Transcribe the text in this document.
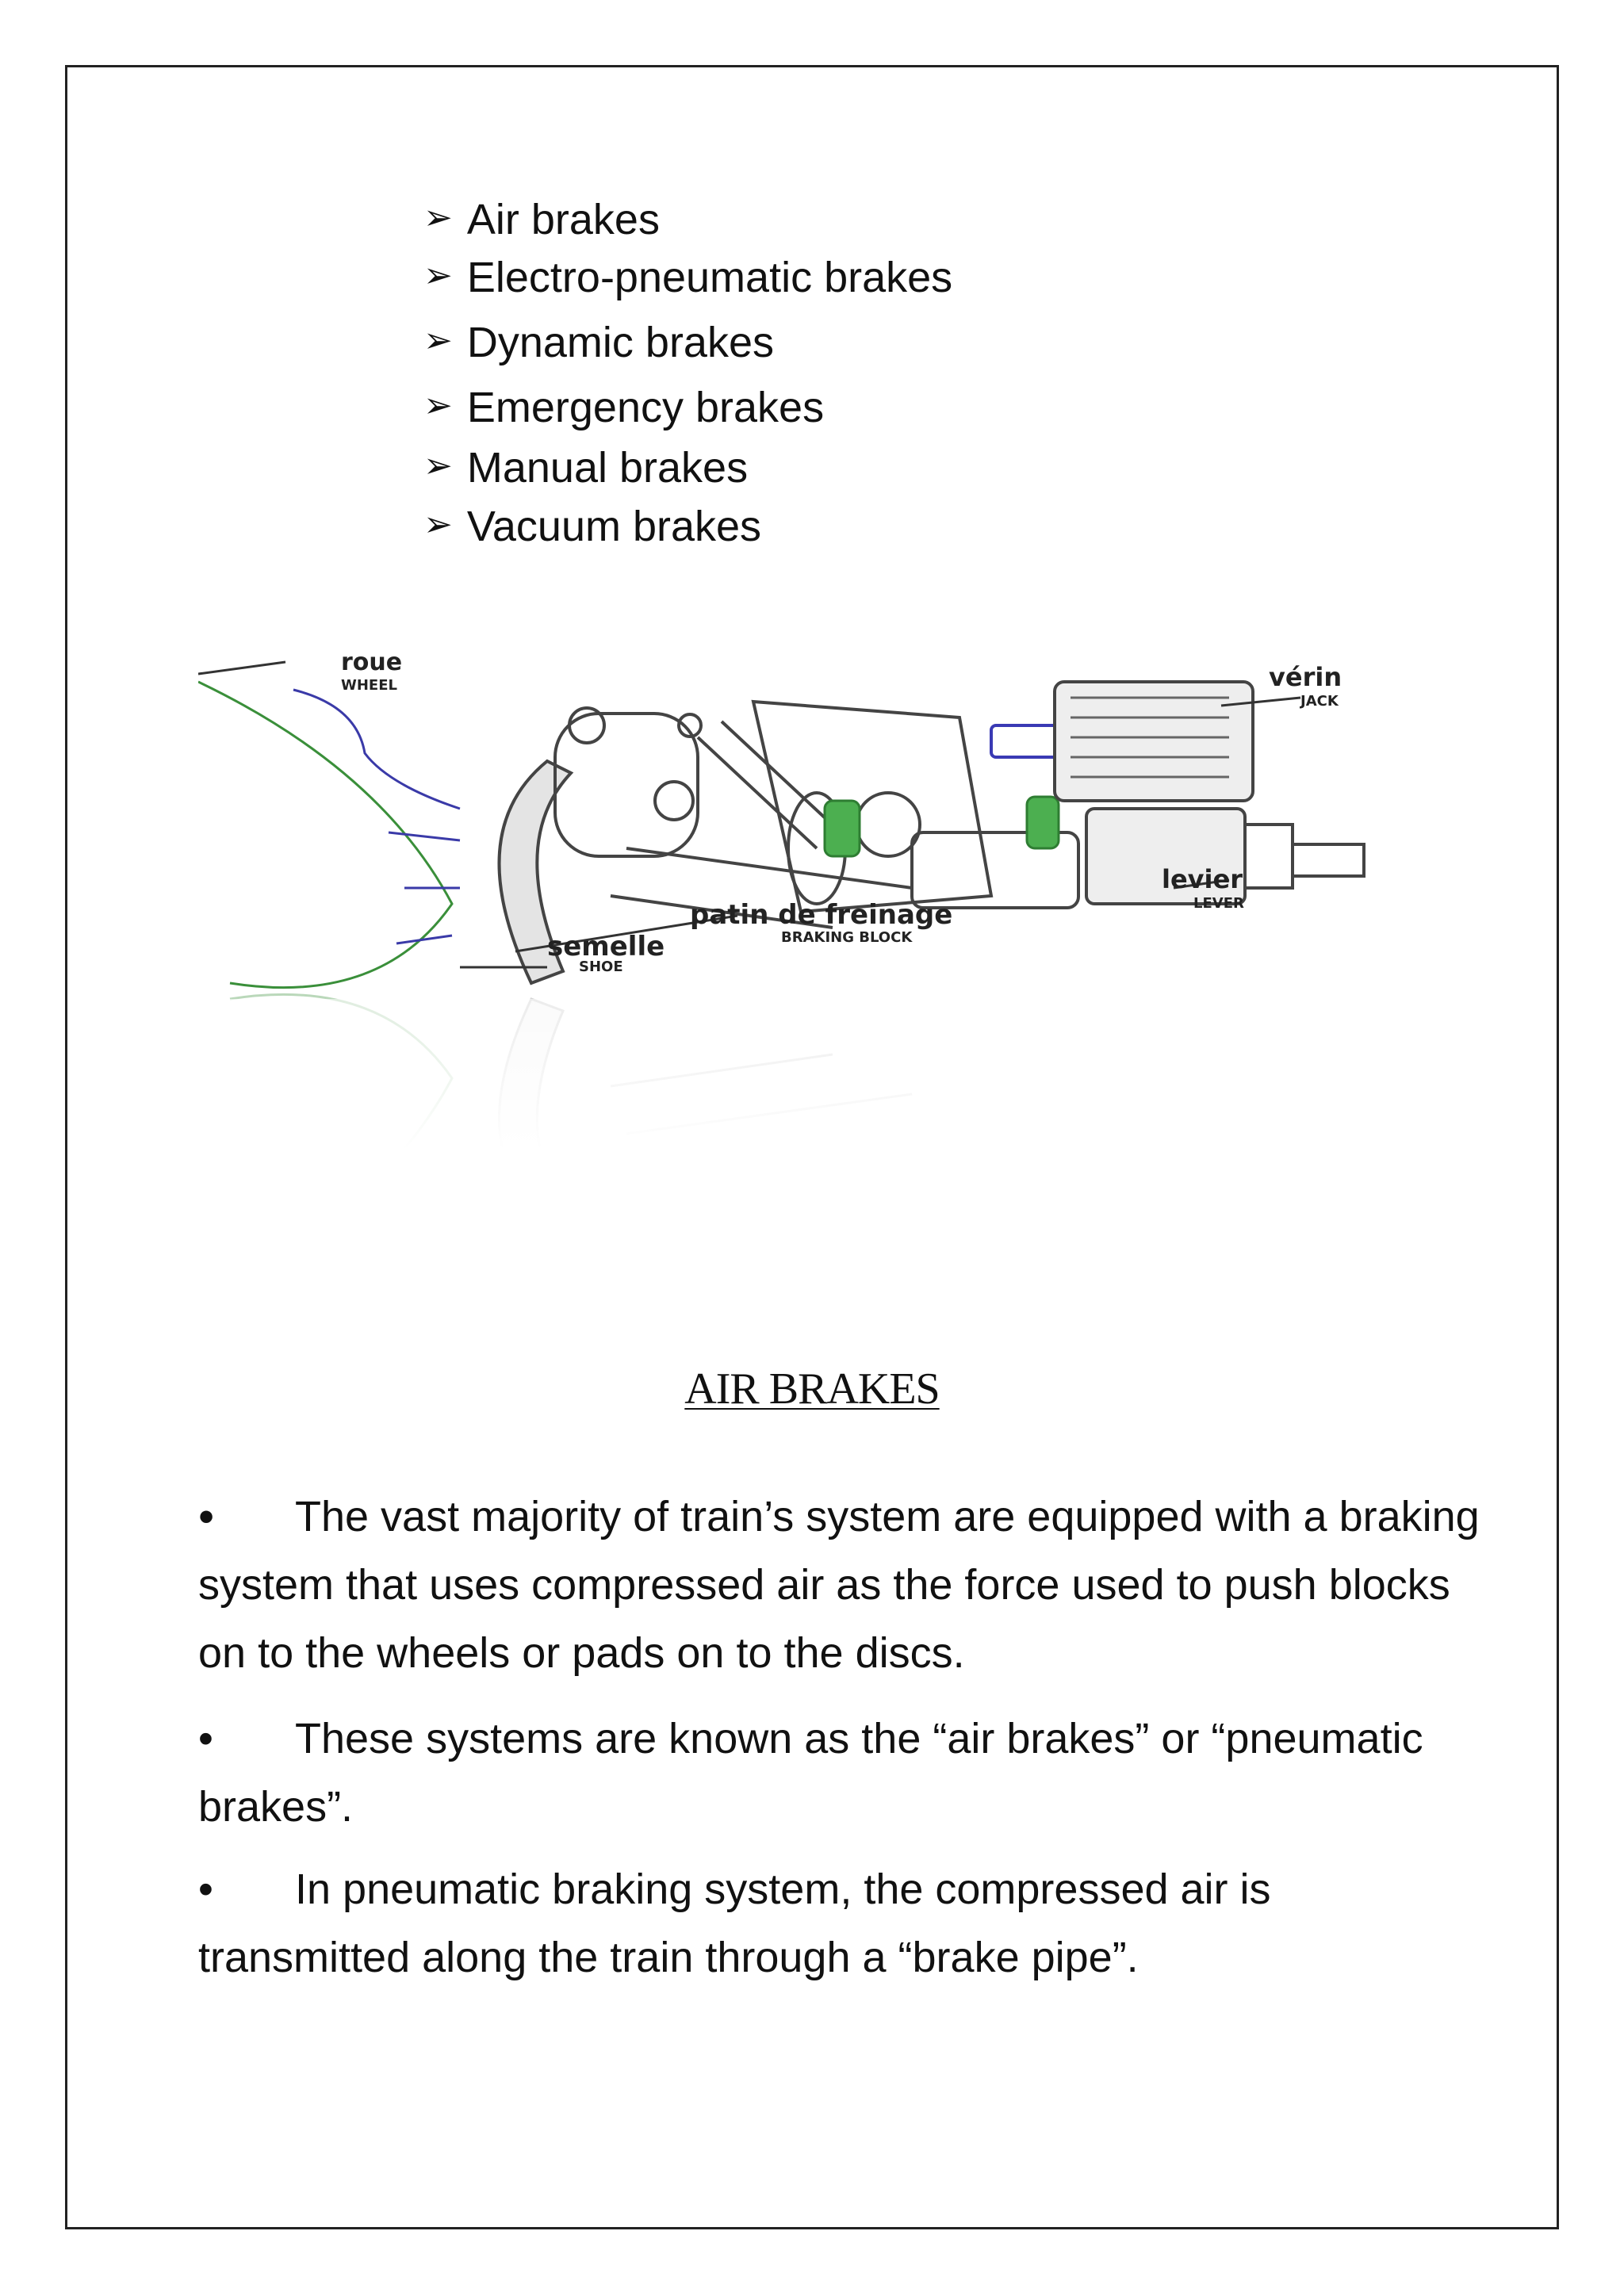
➢ Air brakes
➢ Electro-pneumatic brakes
➢ Dynamic brakes
➢ Emergency brakes
➢ Manual brakes
➢ Vacuum brakes
roue
WHEEL	vérin
JACK
levier
LEVER
patin de freinage
BRAKING BLOCK
semelle
SHOE
AIR BRAKES

• The vast majority of train’s system are equipped with a braking system that uses compressed air as the force used to push blocks on to the wheels or pads on to the discs.

• These systems are known as the “air brakes” or “pneumatic brakes”.

• In pneumatic braking system, the compressed air is transmitted along the train through a “brake pipe”.
